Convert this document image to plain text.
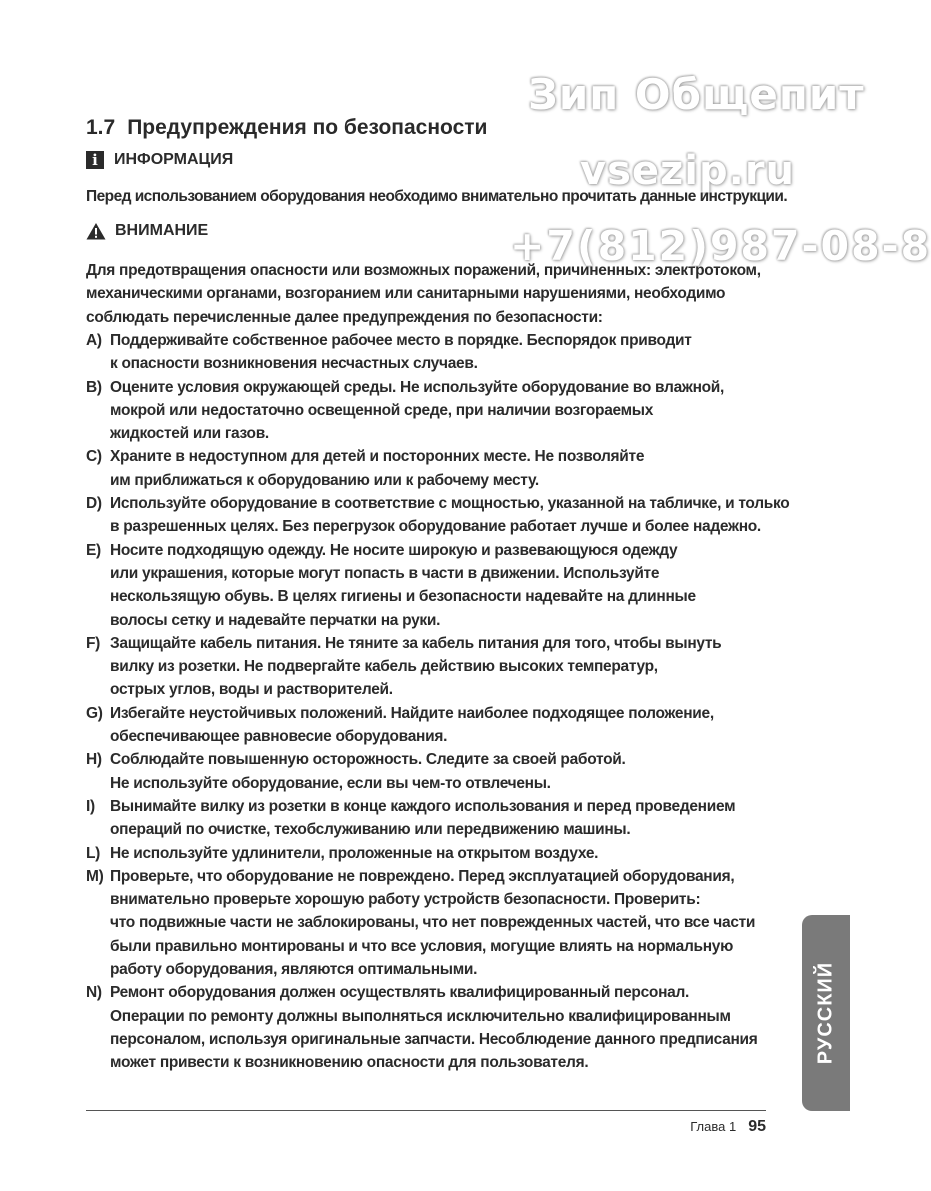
Зип Общепит
vsezip.ru
+7(812)987-08-8
1.7 Предупреждения по безопасности
i	ИНФОРМАЦИЯ
Перед использованием оборудования необходимо внимательно прочитать данные инструкции.
ВНИМАНИЕ
Для предотвращения опасности или возможных поражений, причиненных: электротоком,
механическими органами, возгоранием или санитарными нарушениями, необходимо
соблюдать перечисленные далее предупреждения по безопасности:
A) Поддерживайте собственное рабочее место в порядке. Беспорядок приводит
к опасности возникновения несчастных случаев.
B) Оцените условия окружающей среды. Не используйте оборудование во влажной,
мокрой или недостаточно освещенной среде, при наличии возгораемых
жидкостей или газов.
C) Храните в недоступном для детей и посторонних месте. Не позволяйте
им приближаться к оборудованию или к рабочему месту.
D) Используйте оборудование в соответствие с мощностью, указанной на табличке, и только
в разрешенных целях. Без перегрузок оборудование работает лучше и более надежно.
E) Носите подходящую одежду. Не носите широкую и развевающуюся одежду
или украшения, которые могут попасть в части в движении. Используйте
нескользящую обувь. В целях гигиены и безопасности надевайте на длинные
волосы сетку и надевайте перчатки на руки.
F) Защищайте кабель питания. Не тяните за кабель питания для того, чтобы вынуть
вилку из розетки. Не подвергайте кабель действию высоких температур,
острых углов, воды и растворителей.
G) Избегайте неустойчивых положений. Найдите наиболее подходящее положение,
обеспечивающее равновесие оборудования.
H) Соблюдайте повышенную осторожность. Следите за своей работой.
Не используйте оборудование, если вы чем-то отвлечены.
I) Вынимайте вилку из розетки в конце каждого использования и перед проведением
операций по очистке, техобслуживанию или передвижению машины.
L) Не используйте удлинители, проложенные на открытом воздухе.
M) Проверьте, что оборудование не повреждено. Перед эксплуатацией оборудования,
внимательно проверьте хорошую работу устройств безопасности. Проверить:
что подвижные части не заблокированы, что нет поврежденных частей, что все части
были правильно монтированы и что все условия, могущие влиять на нормальную
работу оборудования, являются оптимальными.
N) Ремонт оборудования должен осуществлять квалифицированный персонал.
Операции по ремонту должны выполняться исключительно квалифицированным
персоналом, используя оригинальные запчасти. Несоблюдение данного предписания
может привести к возникновению опасности для пользователя.
Глава 1 95
РУССКИЙ
